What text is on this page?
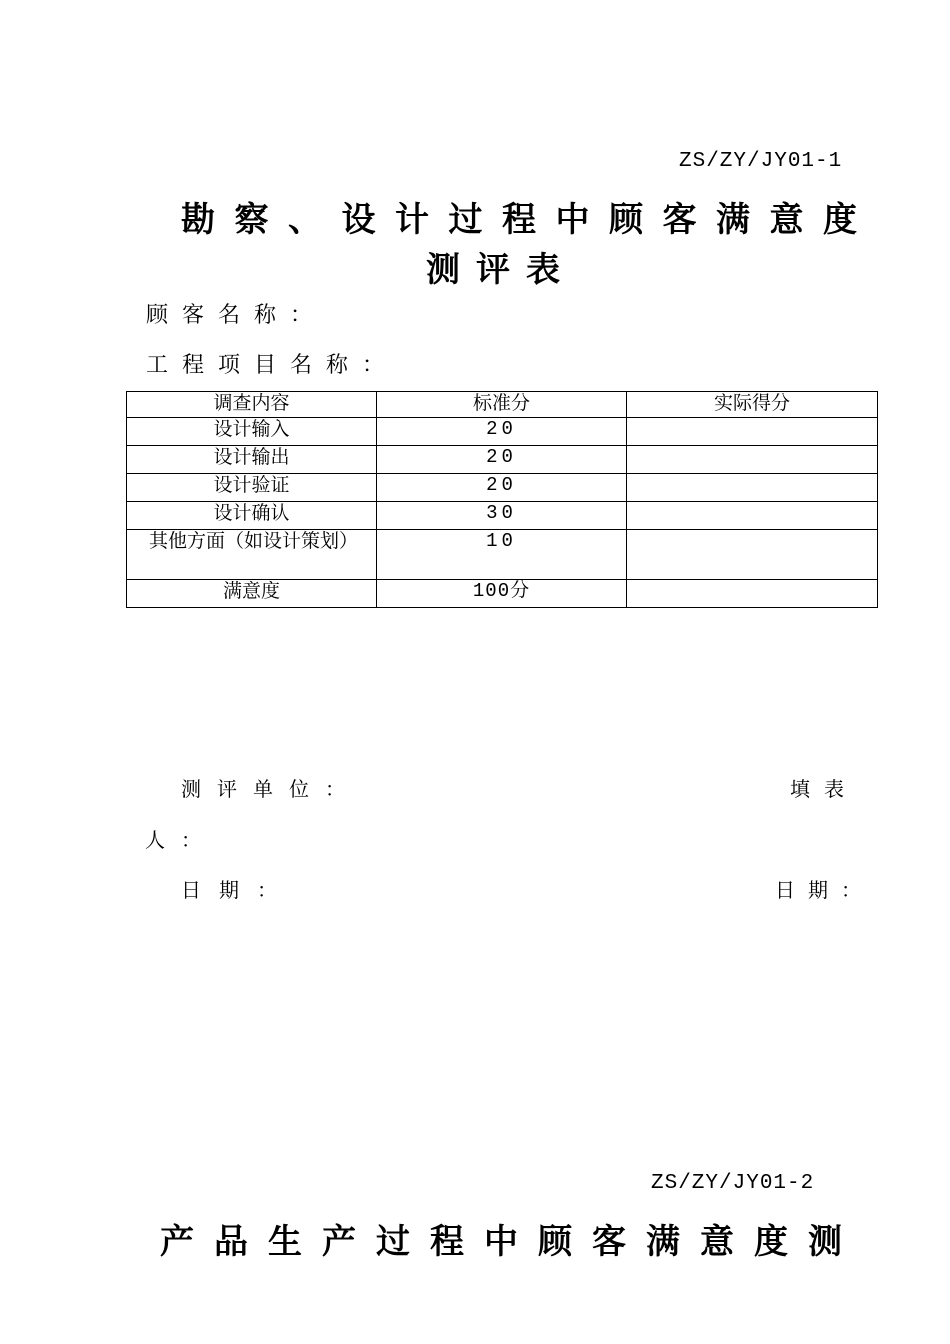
ZS/ZY/JY01-1
勘察、设计过程中顾客满意度
测评表
顾客名称：
工程项目名称：
调查内容	标准分	实际得分
设计输入	20	
设计输出	20	
设计验证	20	
设计确认	30	
其他方面（如设计策划）	10	
满意度	100分	
测评单位：	填表
人：
日期：	日期：
ZS/ZY/JY01-2
产品生产过程中顾客满意度测
